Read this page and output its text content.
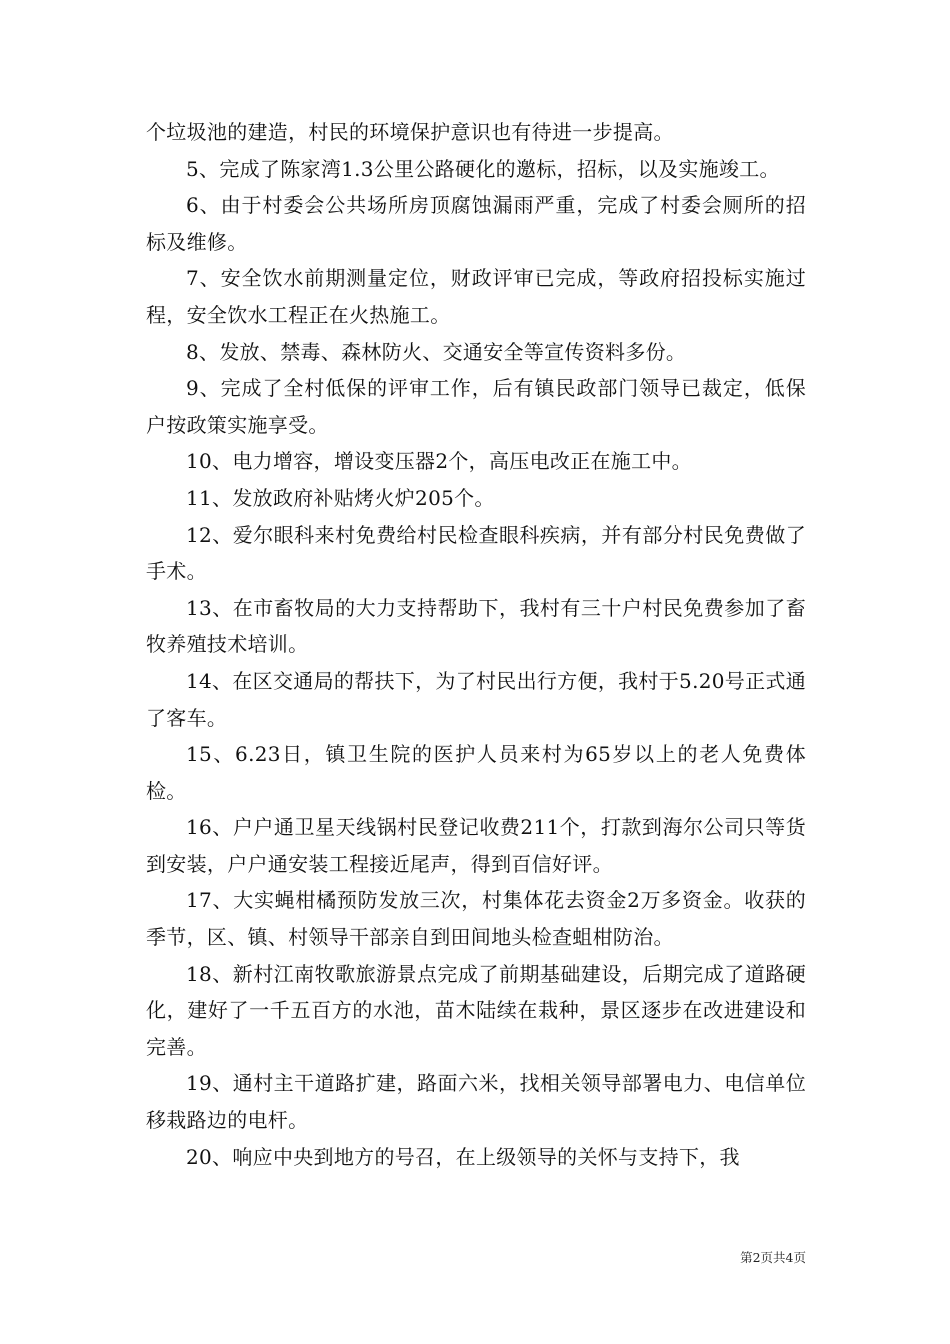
个垃圾池的建造，村民的环境保护意识也有待进一步提高。

5、完成了陈家湾1.3公里公路硬化的邀标，招标，以及实施竣工。

6、由于村委会公共场所房顶腐蚀漏雨严重，完成了村委会厕所的招标及维修。

7、安全饮水前期测量定位，财政评审已完成，等政府招投标实施过程，安全饮水工程正在火热施工。

8、发放、禁毒、森林防火、交通安全等宣传资料多份。

9、完成了全村低保的评审工作，后有镇民政部门领导已裁定，低保户按政策实施享受。

10、电力增容，增设变压器2个，高压电改正在施工中。

11、发放政府补贴烤火炉205个。

12、爱尔眼科来村免费给村民检查眼科疾病，并有部分村民免费做了手术。

13、在市畜牧局的大力支持帮助下，我村有三十户村民免费参加了畜牧养殖技术培训。

14、在区交通局的帮扶下，为了村民出行方便，我村于5.20号正式通了客车。

15、6.23日，镇卫生院的医护人员来村为65岁以上的老人免费体检。

16、户户通卫星天线锅村民登记收费211个，打款到海尔公司只等货到安装，户户通安装工程接近尾声，得到百信好评。

17、大实蝇柑橘预防发放三次，村集体花去资金2万多资金。收获的季节，区、镇、村领导干部亲自到田间地头检查蛆柑防治。

18、新村江南牧歌旅游景点完成了前期基础建设，后期完成了道路硬化，建好了一千五百方的水池，苗木陆续在栽种，景区逐步在改进建设和完善。

19、通村主干道路扩建，路面六米，找相关领导部署电力、电信单位移栽路边的电杆。

20、响应中央到地方的号召，在上级领导的关怀与支持下，我

第2页共4页
